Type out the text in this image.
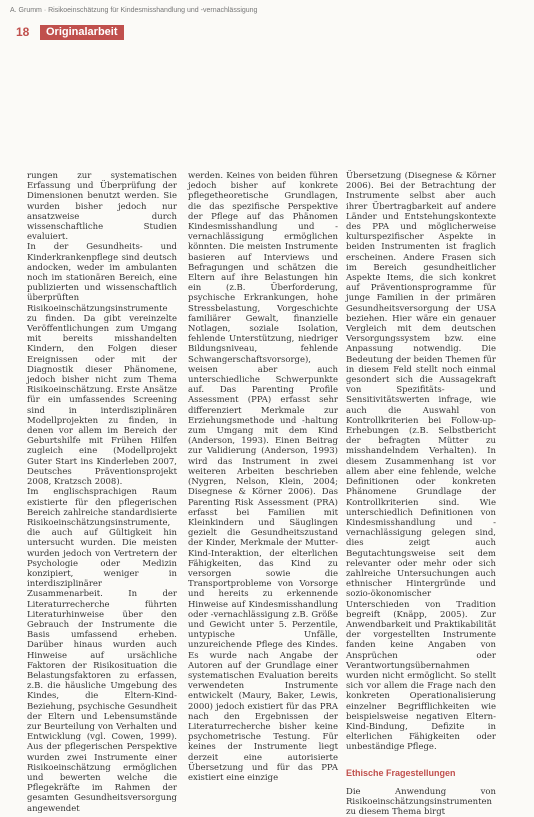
A. Grumm · Risikoeinschätzung für Kindesmisshandlung und -vernachlässigung
18	Originalarbeit

rungen zur systematischen Erfassung und Überprüfung der Dimensionen benutzt werden. Sie wurden bisher jedoch nur ansatzweise durch wissenschaftliche Studien evaluiert.

In der Gesundheits- und Kinderkrankenpflege sind deutsch andocken, weder im ambulanten noch im stationären Bereich, eine publizierten und wissenschaftlich überprüften Risikoeinschätzungsinstrumente zu finden. Da gibt vereinzelte Veröffentlichungen zum Umgang mit bereits misshandelten Kindern, den Folgen dieser Ereignissen oder mit der Diagnostik dieser Phänomene, jedoch bisher nicht zum Thema Risikoeinschätzung. Erste Ansätze für ein umfassendes Screening sind in interdisziplinären Modellprojekten zu finden, in denen vor allem im Bereich der Geburtshilfe mit Frühen Hilfen zugleich eine (Modellprojekt Guter Start ins Kinderleben 2007, Deutsches Präventionsprojekt 2008, Kratzsch 2008).

Im englischsprachigen Raum existierte für den pflegerischen Bereich zahlreiche standardisierte Risikoeinschätzungsinstrumente, die auch auf Gültigkeit hin untersucht wurden. Die meisten wurden jedoch von Vertretern der Psychologie oder Medizin konzipiert, weniger in interdisziplinärer Zusammenarbeit. In der Literaturrecherche führten Literaturhinweise über den Gebrauch der Instrumente die Basis umfassend erheben. Darüber hinaus wurden auch Hinweise auf ursächliche Faktoren der Risikosituation die Belastungsfaktoren zu erfassen, z.B. die häusliche Umgebung des Kindes, die Eltern-Kind-Beziehung, psychische Gesundheit der Eltern und Lebensumstände zur Beurteilung von Verhalten und Entwicklung (vgl. Cowen, 1999). Aus der pflegerischen Perspektive wurden zwei Instrumente einer Risikoeinschätzung ermöglichen und bewerten welche die Pflegekräfte im Rahmen der gesamten Gesundheitsversorgung angewendet

werden. Keines von beiden führen jedoch bisher auf konkrete pflegetheoretische Grundlagen, die das spezifische Perspektive der Pflege auf das Phänomen Kindesmisshandlung und -vernachlässigung ermöglichen könnten. Die meisten Instrumente basieren auf Interviews und Befragungen und schätzen die Eltern auf ihre Belastungen hin ein (z.B. Überforderung, psychische Erkrankungen, hohe Stressbelastung, Vorgeschichte familiärer Gewalt, finanzielle Notlagen, soziale Isolation, fehlende Unterstützung, niedriger Bildungsniveau, fehlende Schwangerschaftsvorsorge), weisen aber auch unterschiedliche Schwerpunkte auf. Das Parenting Profile Assessment (PPA) erfasst sehr differenziert Merkmale zur Erziehungsmethode und -haltung zum Umgang mit dem Kind (Anderson, 1993). Einen Beitrag zur Validierung (Anderson, 1993) wird das Instrument in zwei weiteren Arbeiten beschrieben (Nygren, Nelson, Klein, 2004; Disegnese & Körner 2006). Das Parenting Risk Assessment (PRA) erfasst bei Familien mit Kleinkindern und Säuglingen gezielt die Gesundheitszustand der Kinder, Merkmale der Mutter-Kind-Interaktion, der elterlichen Fähigkeiten, das Kind zu versorgen sowie die Transportprobleme von Vorsorge und hereits zu erkennende Hinweise auf Kindesmisshandlung oder -vernachlässigung z.B. Größe und Gewicht unter 5. Perzentile, untypische Unfälle, unzureichende Pflege des Kindes. Es wurde nach Angabe der Autoren auf der Grundlage einer systematischen Evaluation bereits verwendeten Instrumente entwickelt (Maury, Baker, Lewis, 2000) jedoch existiert für das PRA nach den Ergebnissen der Literaturrecherche bisher keine psychometrische Testung. Für keines der Instrumente liegt derzeit eine autorisierte Übersetzung und für das PPA existiert eine einzige

Übersetzung (Disegnese & Körner 2006). Bei der Betrachtung der Instrumente selbst aber auch ihrer Übertragbarkeit auf andere Länder und Entstehungskontexte des PPA und möglicherweise kulturspezifischer Aspekte in beiden Instrumenten ist fraglich erscheinen. Andere Frasen sich im Bereich gesundheitlicher Aspekte Items, die sich konkret auf Präventionsprogramme für junge Familien in der primären Gesundheitsversorgung der USA beziehen. Hier wäre ein genauer Vergleich mit dem deutschen Versorgungssystem bzw. eine Anpassung notwendig. Die Bedeutung der beiden Themen für in diesem Feld stellt noch einmal gesondert sich die Aussagekraft von Spezifitäts- und Sensitivitätswerten infrage, wie auch die Auswahl von Kontrollkriterien bei Follow-up-Erhebungen (z.B. Selbstbericht der befragten Mütter zu misshandelndem Verhalten). In diesem Zusammenhang ist vor allem aber eine fehlende, welche Definitionen oder konkreten Phänomene Grundlage der Kontrollkriterien sind. Wie unterschiedlich Definitionen von Kindesmisshandlung und -vernachlässigung gelegen sind, dies zeigt auch Begutachtungsweise seit dem relevanter oder mehr oder sich zahlreiche Untersuchungen auch ethnischer Hintergründe und sozio-ökonomischer Unterschieden von Tradition begreift (Knäpp, 2005). Zur Anwendbarkeit und Praktikabilität der vorgestellten Instrumente fanden keine Angaben von Ansprüchen oder Verantwortungsübernahmen wurden nicht ermöglicht. So stellt sich vor allem die Frage nach den konkreten Operationalisierung einzelner Begrifflichkeiten wie beispielsweise negativen Eltern-Kind-Bindung, Defizite in elterlichen Fähigkeiten oder unbeständige Pflege.

Ethische Fragestellungen

Die Anwendung von Risikoeinschätzungsinstrumenten zu diesem Thema birgt
